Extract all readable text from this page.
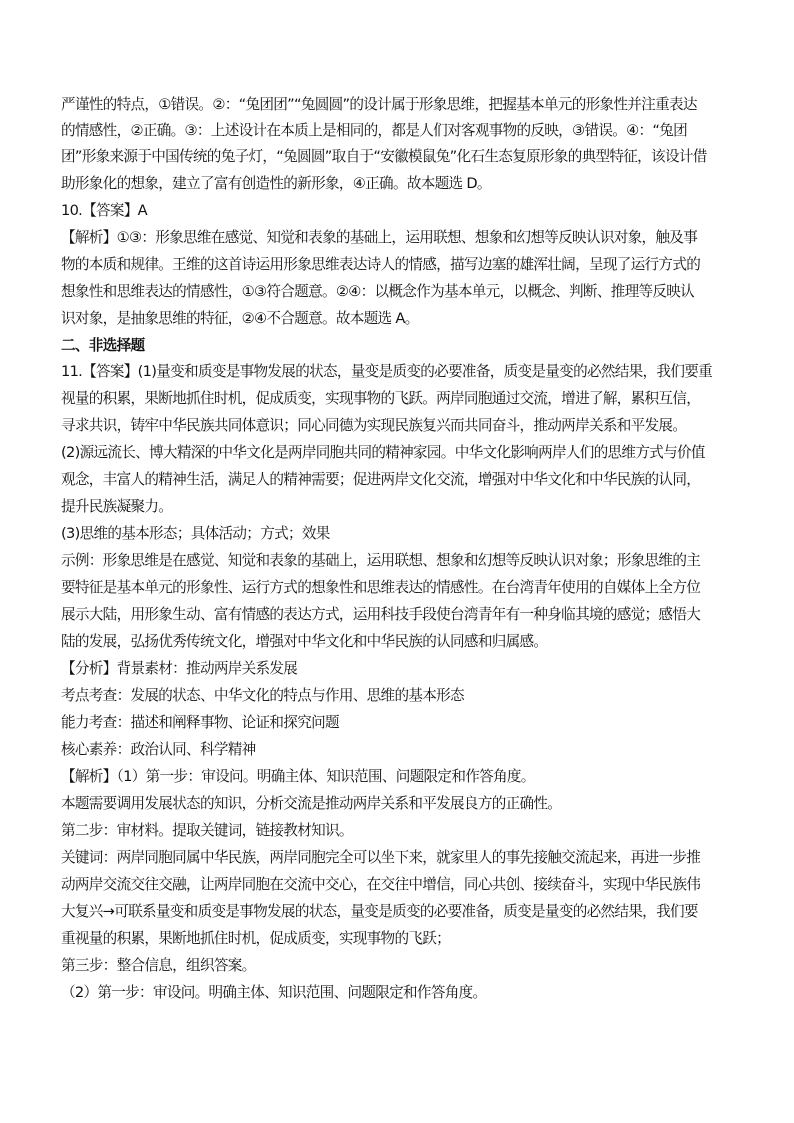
严谨性的特点，①错误。②：“兔团团”“兔圆圆”的设计属于形象思维，把握基本单元的形象性并注重表达
的情感性，②正确。③：上述设计在本质上是相同的，都是人们对客观事物的反映，③错误。④：“兔团
团”形象来源于中国传统的兔子灯，“兔圆圆”取自于“安徽模鼠兔”化石生态复原形象的典型特征，该设计借
助形象化的想象，建立了富有创造性的新形象，④正确。故本题选 D。
10.【答案】A
【解析】①③：形象思维在感觉、知觉和表象的基础上，运用联想、想象和幻想等反映认识对象，触及事
物的本质和规律。王维的这首诗运用形象思维表达诗人的情感，描写边塞的雄浑壮阔，呈现了运行方式的
想象性和思维表达的情感性，①③符合题意。②④：以概念作为基本单元，以概念、判断、推理等反映认
识对象，是抽象思维的特征，②④不合题意。故本题选 A。
二、非选择题
11.【答案】(1)量变和质变是事物发展的状态，量变是质变的必要准备，质变是量变的必然结果，我们要重
视量的积累，果断地抓住时机，促成质变，实现事物的飞跃。两岸同胞通过交流，增进了解，累积互信，
寻求共识，铸牢中华民族共同体意识；同心同德为实现民族复兴而共同奋斗，推动两岸关系和平发展。
(2)源远流长、博大精深的中华文化是两岸同胞共同的精神家园。中华文化影响两岸人们的思维方式与价值
观念，丰富人的精神生活，满足人的精神需要；促进两岸文化交流，增强对中华文化和中华民族的认同，
提升民族凝聚力。
(3)思维的基本形态；具体活动；方式；效果
示例：形象思维是在感觉、知觉和表象的基础上，运用联想、想象和幻想等反映认识对象；形象思维的主
要特征是基本单元的形象性、运行方式的想象性和思维表达的情感性。在台湾青年使用的自媒体上全方位
展示大陆，用形象生动、富有情感的表达方式，运用科技手段使台湾青年有一种身临其境的感觉；感悟大
陆的发展，弘扬优秀传统文化，增强对中华文化和中华民族的认同感和归属感。
【分析】背景素材：推动两岸关系发展
考点考查：发展的状态、中华文化的特点与作用、思维的基本形态
能力考查：描述和阐释事物、论证和探究问题
核心素养：政治认同、科学精神
【解析】（1）第一步：审设问。明确主体、知识范围、问题限定和作答角度。
本题需要调用发展状态的知识，分析交流是推动两岸关系和平发展良方的正确性。
第二步：审材料。提取关键词，链接教材知识。
关键词：两岸同胞同属中华民族，两岸同胞完全可以坐下来，就家里人的事先接触交流起来，再进一步推
动两岸交流交往交融，让两岸同胞在交流中交心，在交往中增信，同心共创、接续奋斗，实现中华民族伟
大复兴→可联系量变和质变是事物发展的状态，量变是质变的必要准备，质变是量变的必然结果，我们要
重视量的积累，果断地抓住时机，促成质变，实现事物的飞跃；
第三步：整合信息，组织答案。
（2）第一步：审设问。明确主体、知识范围、问题限定和作答角度。
